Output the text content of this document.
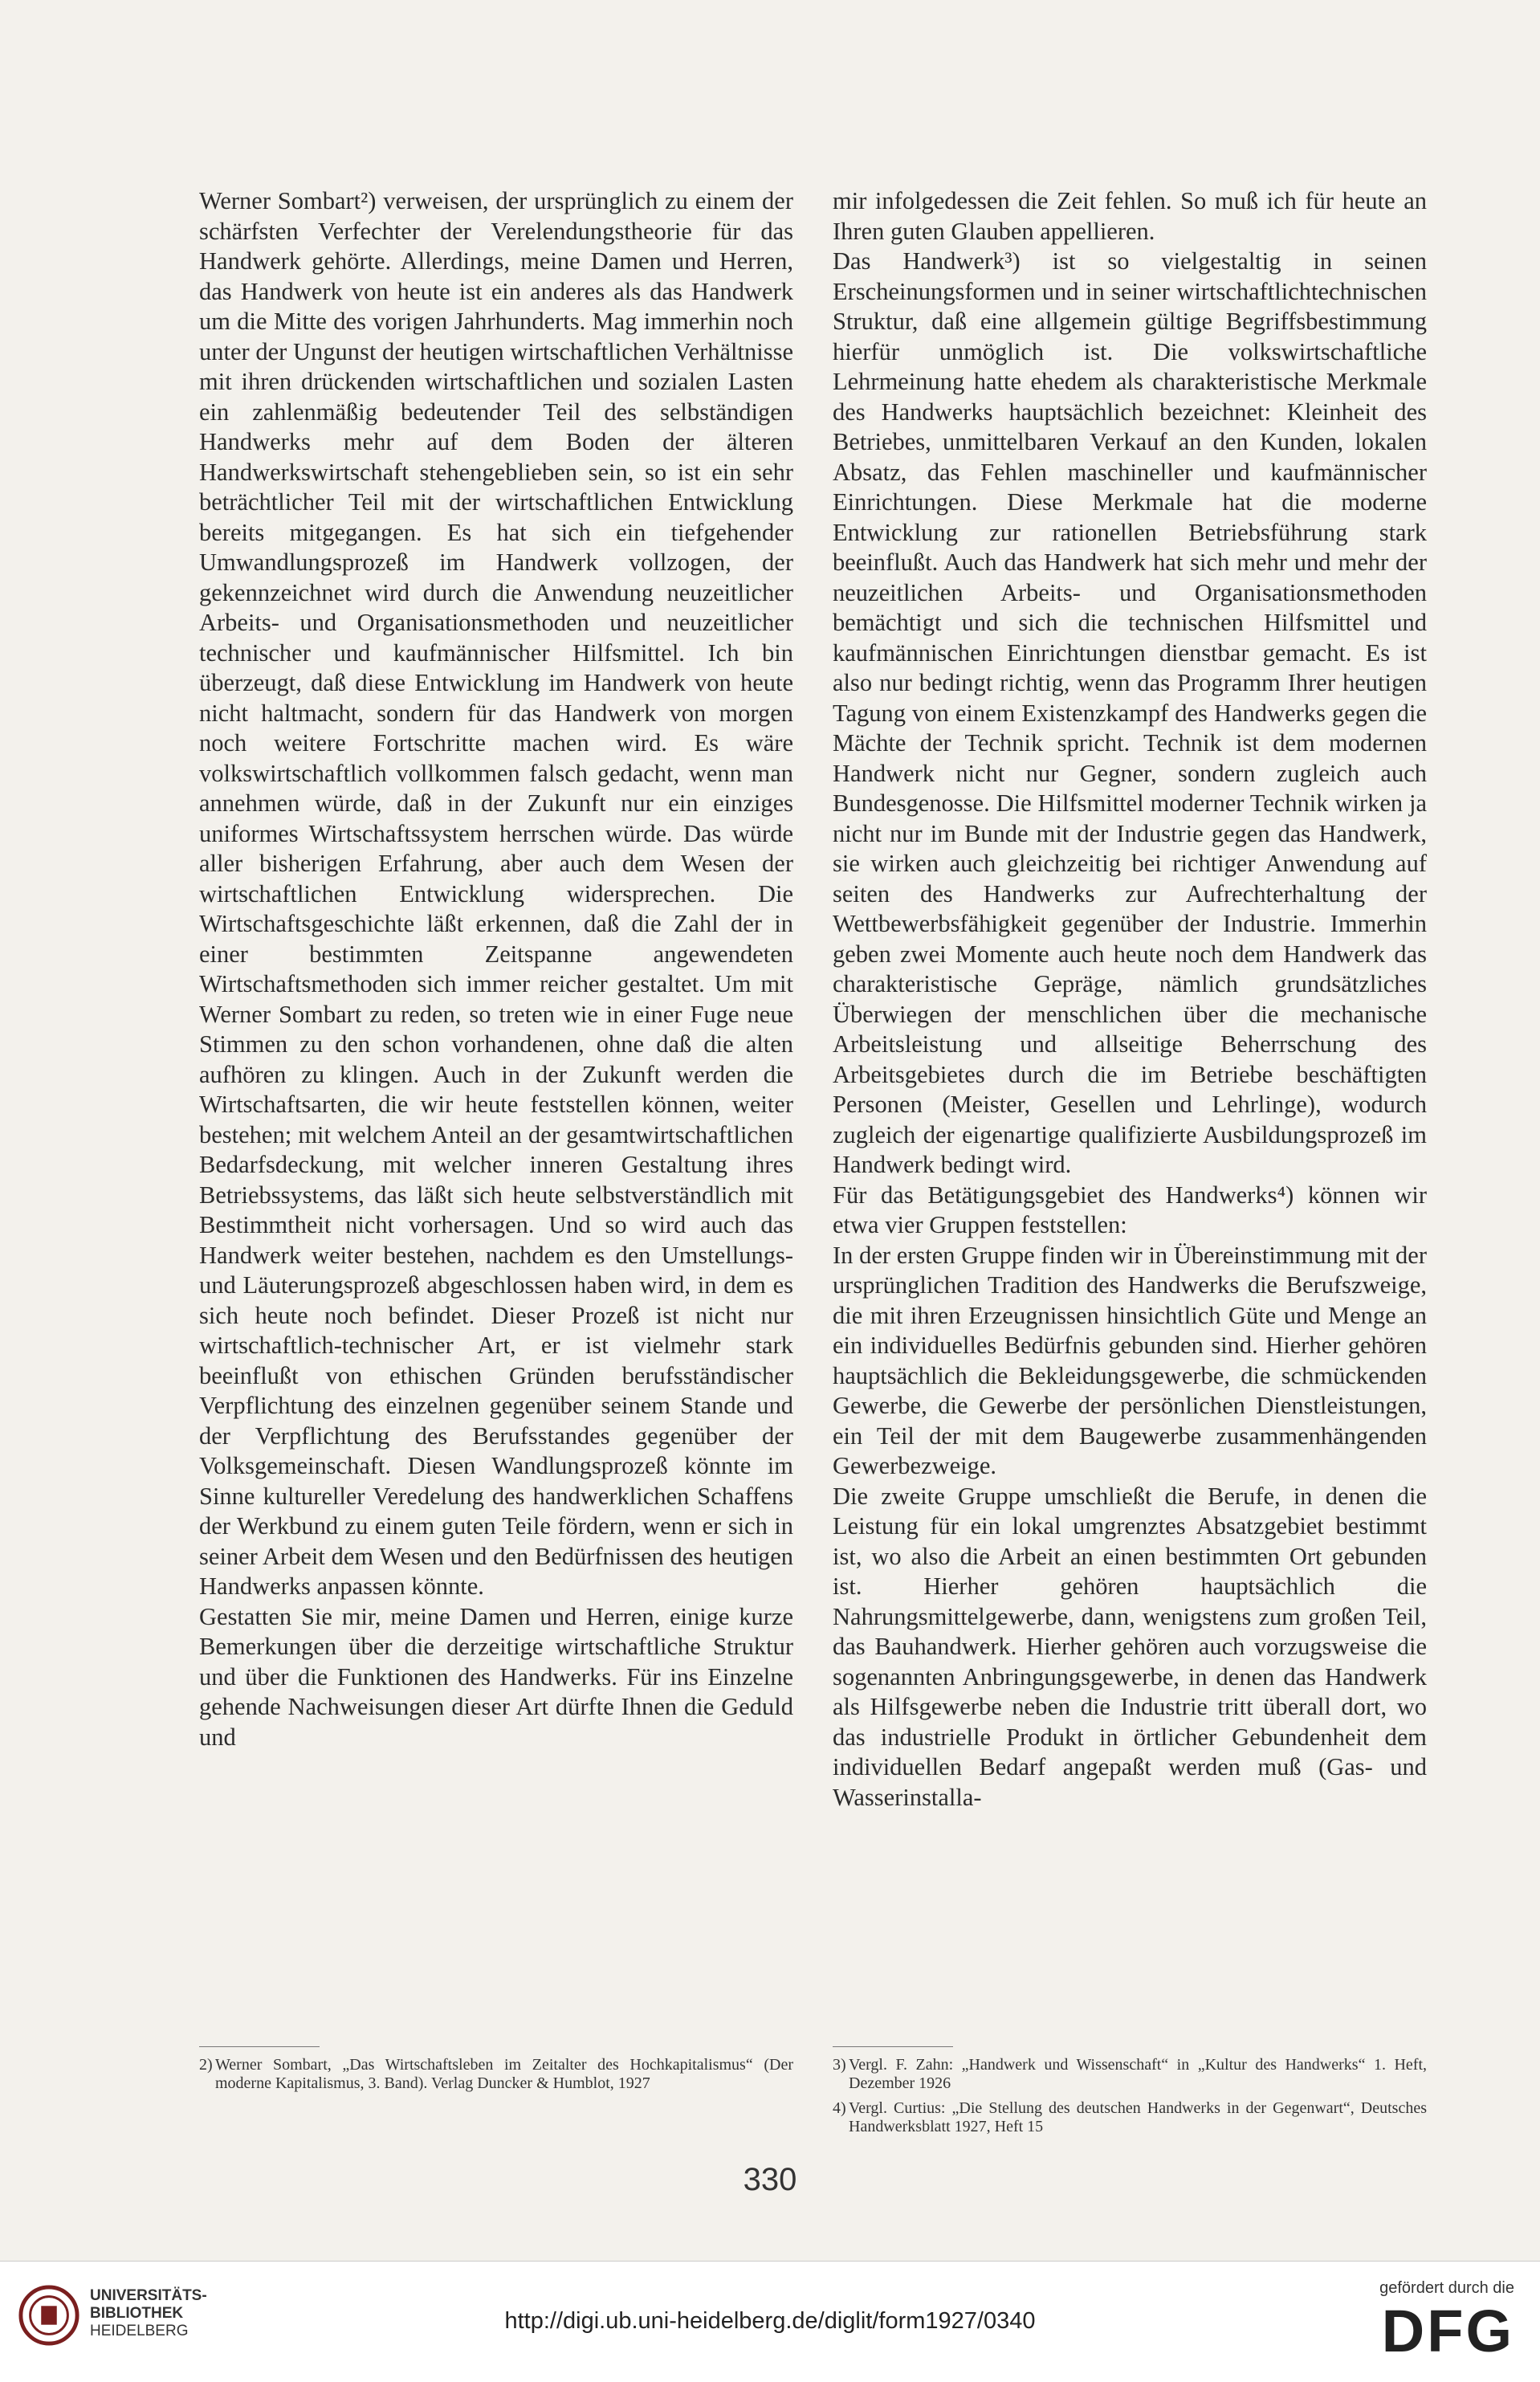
Werner Sombart²) verweisen, der ursprünglich zu einem der schärfsten Verfechter der Verelendungstheorie für das Handwerk gehörte. Allerdings, meine Damen und Herren, das Handwerk von heute ist ein anderes als das Handwerk um die Mitte des vorigen Jahrhunderts. Mag immerhin noch unter der Ungunst der heutigen wirtschaftlichen Verhältnisse mit ihren drückenden wirtschaftlichen und sozialen Lasten ein zahlenmäßig bedeutender Teil des selbständigen Handwerks mehr auf dem Boden der älteren Handwerkswirtschaft stehengeblieben sein, so ist ein sehr beträchtlicher Teil mit der wirtschaftlichen Entwicklung bereits mitgegangen. Es hat sich ein tiefgehender Umwandlungsprozeß im Handwerk vollzogen, der gekennzeichnet wird durch die Anwendung neuzeitlicher Arbeits- und Organisationsmethoden und neuzeitlicher technischer und kaufmännischer Hilfsmittel. Ich bin überzeugt, daß diese Entwicklung im Handwerk von heute nicht haltmacht, sondern für das Handwerk von morgen noch weitere Fortschritte machen wird. Es wäre volkswirtschaftlich vollkommen falsch gedacht, wenn man annehmen würde, daß in der Zukunft nur ein einziges uniformes Wirtschaftssystem herrschen würde. Das würde aller bisherigen Erfahrung, aber auch dem Wesen der wirtschaftlichen Entwicklung widersprechen. Die Wirtschaftsgeschichte läßt erkennen, daß die Zahl der in einer bestimmten Zeitspanne angewendeten Wirtschaftsmethoden sich immer reicher gestaltet. Um mit Werner Sombart zu reden, so treten wie in einer Fuge neue Stimmen zu den schon vorhandenen, ohne daß die alten aufhören zu klingen. Auch in der Zukunft werden die Wirtschaftsarten, die wir heute feststellen können, weiter bestehen; mit welchem Anteil an der gesamtwirtschaftlichen Bedarfsdeckung, mit welcher inneren Gestaltung ihres Betriebssystems, das läßt sich heute selbstverständlich mit Bestimmtheit nicht vorhersagen. Und so wird auch das Handwerk weiter bestehen, nachdem es den Umstellungs- und Läuterungsprozeß abgeschlossen haben wird, in dem es sich heute noch befindet. Dieser Prozeß ist nicht nur wirtschaftlich-technischer Art, er ist vielmehr stark beeinflußt von ethischen Gründen berufsständischer Verpflichtung des einzelnen gegenüber seinem Stande und der Verpflichtung des Berufsstandes gegenüber der Volksgemeinschaft. Diesen Wandlungsprozeß könnte im Sinne kultureller Veredelung des handwerklichen Schaffens der Werkbund zu einem guten Teile fördern, wenn er sich in seiner Arbeit dem Wesen und den Bedürfnissen des heutigen Handwerks anpassen könnte.

Gestatten Sie mir, meine Damen und Herren, einige kurze Bemerkungen über die derzeitige wirtschaftliche Struktur und über die Funktionen des Handwerks. Für ins Einzelne gehende Nachweisungen dieser Art dürfte Ihnen die Geduld und

mir infolgedessen die Zeit fehlen. So muß ich für heute an Ihren guten Glauben appellieren.

Das Handwerk³) ist so vielgestaltig in seinen Erscheinungsformen und in seiner wirtschaftlichtechnischen Struktur, daß eine allgemein gültige Begriffsbestimmung hierfür unmöglich ist. Die volkswirtschaftliche Lehrmeinung hatte ehedem als charakteristische Merkmale des Handwerks hauptsächlich bezeichnet: Kleinheit des Betriebes, unmittelbaren Verkauf an den Kunden, lokalen Absatz, das Fehlen maschineller und kaufmännischer Einrichtungen. Diese Merkmale hat die moderne Entwicklung zur rationellen Betriebsführung stark beeinflußt. Auch das Handwerk hat sich mehr und mehr der neuzeitlichen Arbeits- und Organisationsmethoden bemächtigt und sich die technischen Hilfsmittel und kaufmännischen Einrichtungen dienstbar gemacht. Es ist also nur bedingt richtig, wenn das Programm Ihrer heutigen Tagung von einem Existenzkampf des Handwerks gegen die Mächte der Technik spricht. Technik ist dem modernen Handwerk nicht nur Gegner, sondern zugleich auch Bundesgenosse. Die Hilfsmittel moderner Technik wirken ja nicht nur im Bunde mit der Industrie gegen das Handwerk, sie wirken auch gleichzeitig bei richtiger Anwendung auf seiten des Handwerks zur Aufrechterhaltung der Wettbewerbsfähigkeit gegenüber der Industrie. Immerhin geben zwei Momente auch heute noch dem Handwerk das charakteristische Gepräge, nämlich grundsätzliches Überwiegen der menschlichen über die mechanische Arbeitsleistung und allseitige Beherrschung des Arbeitsgebietes durch die im Betriebe beschäftigten Personen (Meister, Gesellen und Lehrlinge), wodurch zugleich der eigenartige qualifizierte Ausbildungsprozeß im Handwerk bedingt wird.

Für das Betätigungsgebiet des Handwerks⁴) können wir etwa vier Gruppen feststellen:

In der ersten Gruppe finden wir in Übereinstimmung mit der ursprünglichen Tradition des Handwerks die Berufszweige, die mit ihren Erzeugnissen hinsichtlich Güte und Menge an ein individuelles Bedürfnis gebunden sind. Hierher gehören hauptsächlich die Bekleidungsgewerbe, die schmückenden Gewerbe, die Gewerbe der persönlichen Dienstleistungen, ein Teil der mit dem Baugewerbe zusammenhängenden Gewerbezweige.

Die zweite Gruppe umschließt die Berufe, in denen die Leistung für ein lokal umgrenztes Absatzgebiet bestimmt ist, wo also die Arbeit an einen bestimmten Ort gebunden ist. Hierher gehören hauptsächlich die Nahrungsmittelgewerbe, dann, wenigstens zum großen Teil, das Bauhandwerk. Hierher gehören auch vorzugsweise die sogenannten Anbringungsgewerbe, in denen das Handwerk als Hilfsgewerbe neben die Industrie tritt überall dort, wo das industrielle Produkt in örtlicher Gebundenheit dem individuellen Bedarf angepaßt werden muß (Gas- und Wasserinstalla-

2) Werner Sombart, „Das Wirtschaftsleben im Zeitalter des Hochkapitalismus“ (Der moderne Kapitalismus, 3. Band). Verlag Duncker & Humblot, 1927
3) Vergl. F. Zahn: „Handwerk und Wissenschaft“ in „Kultur des Handwerks“ 1. Heft, Dezember 1926
4) Vergl. Curtius: „Die Stellung des deutschen Handwerks in der Gegenwart“, Deutsches Handwerksblatt 1927, Heft 15
330
UNIVERSITÄTS-
BIBLIOTHEK
HEIDELBERG	http://digi.ub.uni-heidelberg.de/diglit/form1927/0340
gefördert durch die
DFG
